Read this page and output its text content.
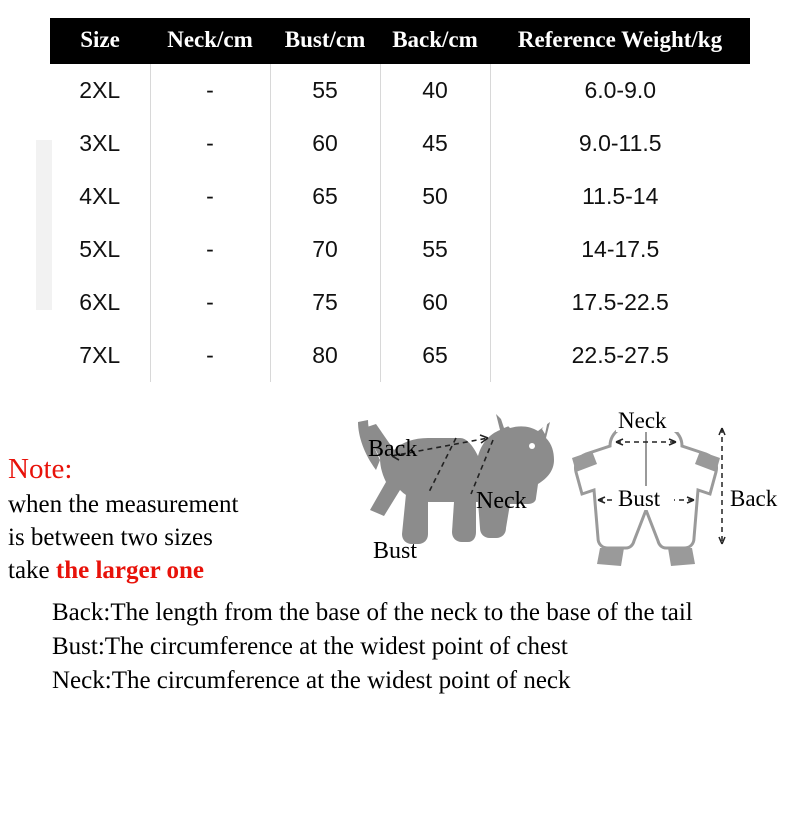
Size	Neck/cm	Bust/cm	Back/cm	Reference Weight/kg
2XL	-	55	40	6.0-9.0
3XL	-	60	45	9.0-11.5
4XL	-	65	50	11.5-14
5XL	-	70	55	14-17.5
6XL	-	75	60	17.5-22.5
7XL	-	80	65	22.5-27.5
Note:
when the measurement
is between two sizes
take the larger one
Back
Neck
Bust
Neck
Bust	Back

Back:The length from the base of the neck to the base of the tail

Bust:The circumference at the widest point of chest

Neck:The circumference at the widest point of neck
